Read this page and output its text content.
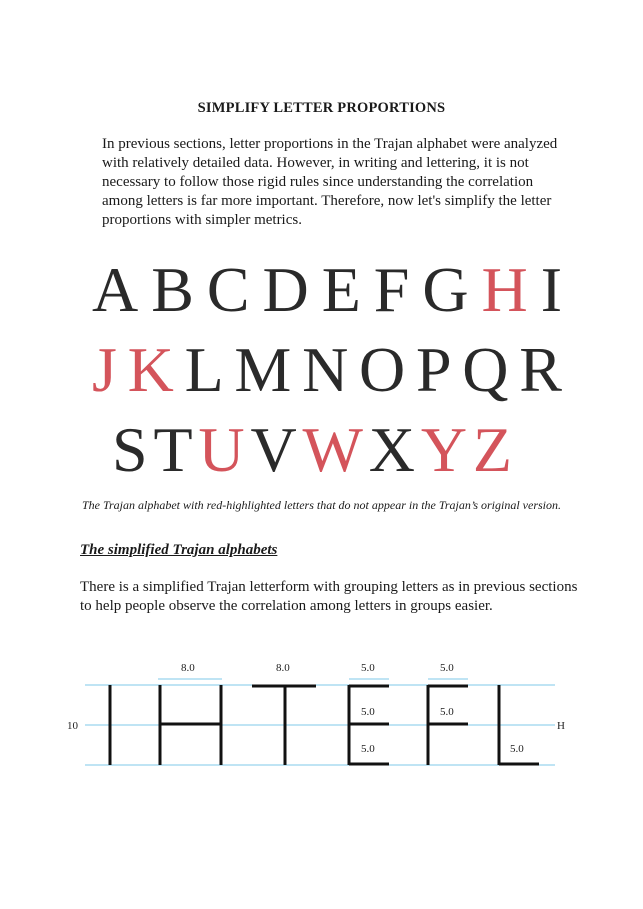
SIMPLIFY LETTER PROPORTIONS

In previous sections, letter proportions in the Trajan alphabet were analyzed with relatively detailed data. However, in writing and lettering, it is not necessary to follow those rigid rules since understanding the correlation among letters is far more important. Therefore, now let's simplify the letter proportions with simpler metrics.

A B C D E F G H I
J K L M N O P Q R
S T U V W X Y Z
The Trajan alphabet with red-highlighted letters that do not appear in the Trajan’s original version.
The simplified Trajan alphabets

There is a simplified Trajan letterform with grouping letters as in previous sections to help people observe the correlation among letters in groups easier.

10	H
8.0	8.0	5.0
5.0
5.0
5.0
5.0
5.0
